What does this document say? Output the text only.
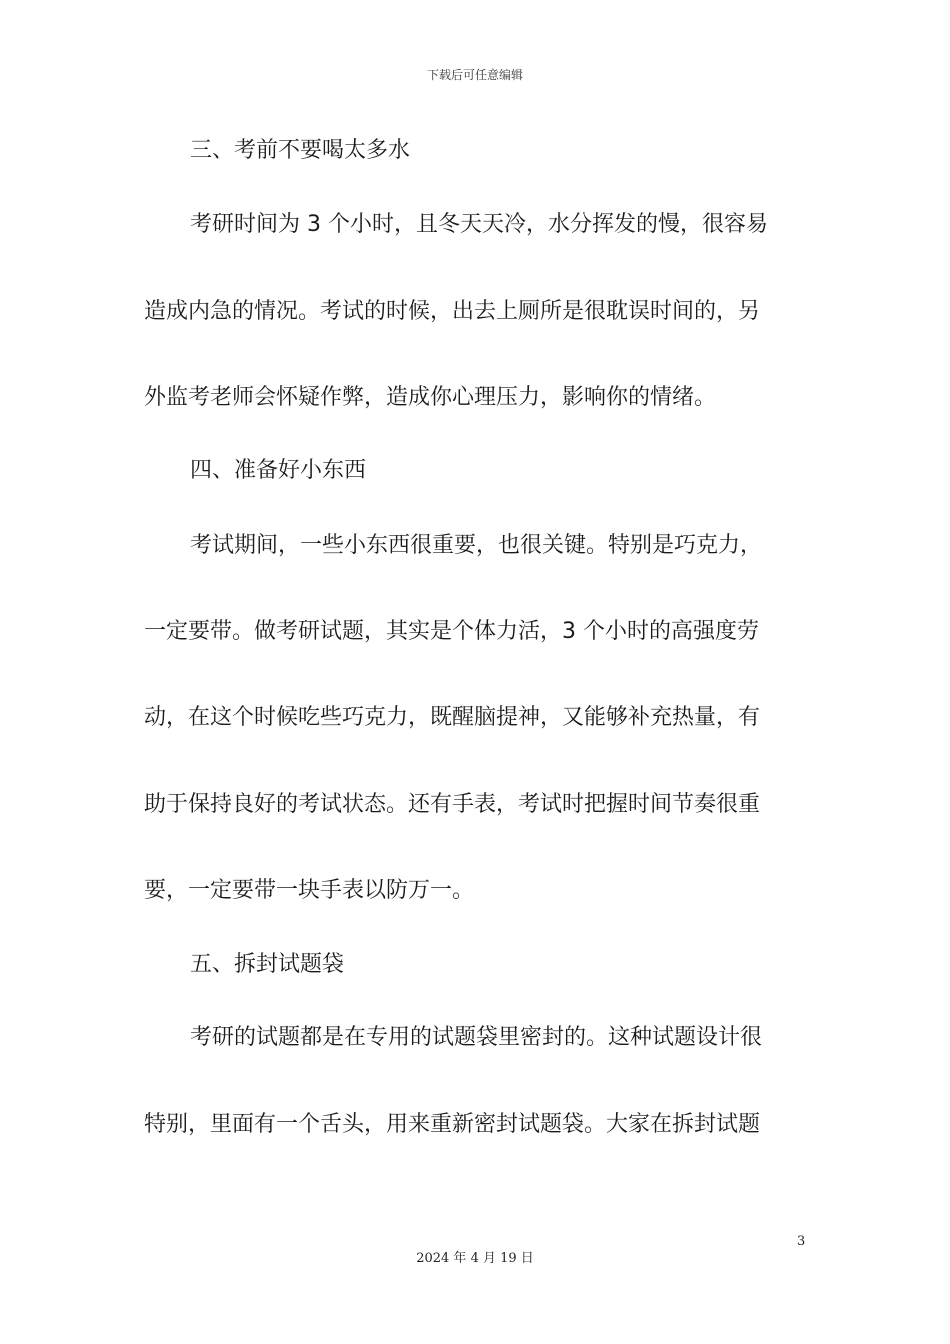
下载后可任意编辑
三、考前不要喝太多水
考研时间为 3 个小时，且冬天天冷，水分挥发的慢，很容易
造成内急的情况。考试的时候，出去上厕所是很耽误时间的，另
外监考老师会怀疑作弊，造成你心理压力，影响你的情绪。
四、准备好小东西
考试期间，一些小东西很重要，也很关键。特别是巧克力，
一定要带。做考研试题，其实是个体力活，3 个小时的高强度劳
动，在这个时候吃些巧克力，既醒脑提神，又能够补充热量，有
助于保持良好的考试状态。还有手表，考试时把握时间节奏很重
要，一定要带一块手表以防万一。
五、拆封试题袋
考研的试题都是在专用的试题袋里密封的。这种试题设计很
特别，里面有一个舌头，用来重新密封试题袋。大家在拆封试题
3
2024 年 4 月 19 日
